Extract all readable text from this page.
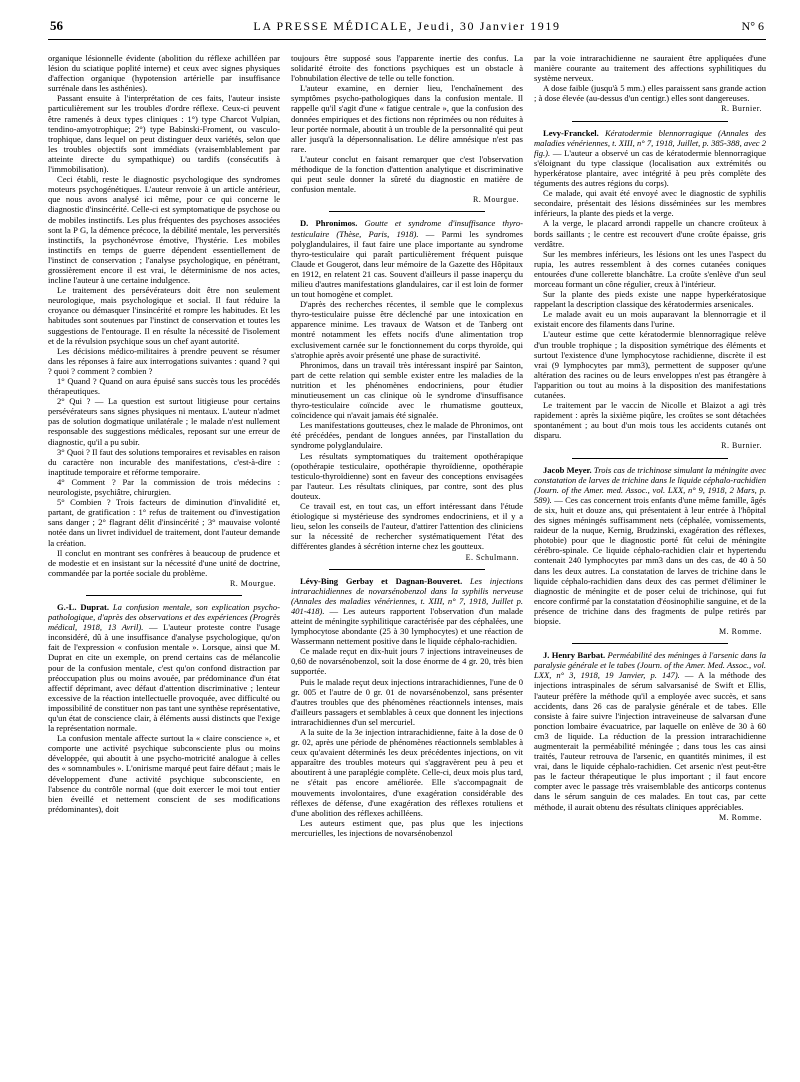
56	LA PRESSE MÉDICALE, Jeudi, 30 Janvier 1919	N° 6

organique lésionnelle évidente (abolition du réflexe achilléen par lésion du sciatique poplité interne) et ceux avec signes physiques d'affection organique (hypotension artérielle par insuffisance surrénale dans les asthénies).

Passant ensuite à l'interprétation de ces faits, l'auteur insiste particulièrement sur les troubles d'ordre réflexe. Ceux-ci peuvent être ramenés à deux types cliniques : 1°) type Charcot Vulpian, tendino-amyotrophique; 2°) type Babinski-Froment, ou vasculo-trophique, dans lequel on peut distinguer deux variétés, selon que les troubles objectifs sont immédiats (vraisemblablement par atteinte directe du sympathique) ou tardifs (consécutifs à l'immobilisation).

Ceci établi, reste le diagnostic psychologique des syndromes moteurs psychogénétiques. L'auteur renvoie à un article antérieur, que nous avons analysé ici même, pour ce qui concerne le diagnostic d'insincérité. Celle-ci est symptomatique de psychose ou de mobiles instinctifs. Les plus fréquentes des psychoses associées sont la P G, la démence précoce, la débilité mentale, les perversités instinctifs, la psychonévrose émotive, l'hystérie. Les mobiles instinctifs en temps de guerre dépendent essentiellement de l'instinct de conservation ; l'analyse psychologique, en pénétrant, grossièrement encore il est vrai, le déterminisme de nos actes, incline l'auteur à une certaine indulgence.

Le traitement des persévérateurs doit être non seulement neurologique, mais psychologique et social. Il faut réduire la croyance ou démasquer l'insincérité et rompre les habitudes. Et les habitudes sont soutenues par l'instinct de conservation et toutes les suggestions de l'entourage. Il en résulte la nécessité de l'isolement et de la révulsion psychique sous un chef ayant autorité.

Les décisions médico-militaires à prendre peuvent se résumer dans les réponses à faire aux interrogations suivantes : quand ? qui ? quoi ? comment ? combien ?

1° Quand ? Quand on aura épuisé sans succès tous les procédés thérapeutiques.

2° Qui ? — La question est surtout litigieuse pour certains persévérateurs sans signes physiques ni mentaux. L'auteur n'admet pas de solution dogmatique unilatérale ; le malade n'est nullement responsable des suggestions médicales, reposant sur une erreur de diagnostic, qu'il a pu subir.

3° Quoi ? Il faut des solutions temporaires et revisables en raison du caractère non incurable des manifestations, c'est-à-dire : inaptitude temporaire et réforme temporaire.

4° Comment ? Par la commission de trois médecins : neurologiste, psychiâtre, chirurgien.

5° Combien ? Trois facteurs de diminution d'invalidité et, partant, de gratification : 1° refus de traitement ou d'investigation sans danger ; 2° flagrant délit d'insincérité ; 3° mauvaise volonté notée dans un livret individuel de traitement, dont l'auteur demande la création.

Il conclut en montrant ses confrères à beaucoup de prudence et de modestie et en insistant sur la nécessité d'une unité de doctrine, commandée par la portée sociale du problème.

R. Mourgue.

G.-L. Duprat. La confusion mentale, son explication psycho-pathologique, d'après des observations et des expériences (Progrès médical, 1918, 13 Avril). — L'auteur proteste contre l'usage inconsidéré, dû à une insuffisance d'analyse psychologique, qu'on fait de l'expression « confusion mentale ». Lorsque, ainsi que M. Duprat en cite un exemple, on prend certains cas de mélancolie pour de la confusion mentale, c'est qu'on confond distraction par préoccupation plus ou moins avouée, par prédominance d'un état affectif déprimant, avec défaut d'attention discriminative ; lenteur excessive de la réaction intellectuelle provoquée, avec difficulté ou impossibilité de constituer non pas tant une synthèse représentative, qu'un état de conscience clair, à éléments aussi distincts que l'exige la représentation normale.

La confusion mentale affecte surtout la « claire conscience », et comporte une activité psychique subconsciente plus ou moins développée, qui aboutit à une psycho-motricité analogue à celles des « somnambules ». L'onirisme marqué peut faire défaut ; mais le développement d'une activité psychique subconsciente, en l'absence du contrôle normal (que doit exercer le moi tout entier bien éveillé et nettement conscient de ses modifications prédominantes), doit

toujours être supposé sous l'apparente inertie des confus. La solidarité étroite des fonctions psychiques est un obstacle à l'obnubilation élective de telle ou telle fonction.

L'auteur examine, en dernier lieu, l'enchaînement des symptômes psycho-pathologiques dans la confusion mentale. Il rappelle qu'il s'agit d'une « fatigue centrale », que la confusion des données empiriques et des fictions non réprimées ou non réduites à leur portée normale, aboutit à un trouble de la personnalité qui peut aller jusqu'à la dépersonnalisation. Le délire amnésique n'est pas rare.

L'auteur conclut en faisant remarquer que c'est l'observation méthodique de la fonction d'attention analytique et discriminative qui peut seule donner la sûreté du diagnostic en matière de confusion mentale.

R. Mourgue.

D. Phronimos. Goutte et syndrome d'insuffisance thyro-testiculaire (Thèse, Paris, 1918). — Parmi les syndromes polyglandulaires, il faut faire une place importante au syndrome thyro-testiculaire qui paraît particulièrement fréquent puisque Claude et Gougerot, dans leur mémoire de la Gazette des Hôpitaux en 1912, en relatent 21 cas. Souvent d'ailleurs il passe inaperçu du milieu d'autres manifestations glandulaires, car il est loin de former un tout homogène et complet.

D'après des recherches récentes, il semble que le complexus thyro-testiculaire puisse être déclenché par une intoxication en apparence minime. Les travaux de Watson et de Tanberg ont montré notamment les effets nocifs d'une alimentation trop exclusivement carnée sur le fonctionnement du corps thyroïde, qui s'atrophie après avoir présenté une phase de suractivité.

Phronimos, dans un travail très intéressant inspiré par Sainton, part de cette relation qui semble exister entre les maladies de la nutrition et les phénomènes endocriniens, pour étudier minutieusement un cas clinique où le syndrome d'insuffisance thyro-testiculaire coïncide avec le rhumatisme goutteux, coïncidence qui n'avait jamais été signalée.

Les manifestations goutteuses, chez le malade de Phronimos, ont été précédées, pendant de longues années, par l'installation du syndrome polyglandulaire.

Les résultats symptomatiques du traitement opothérapique (opothérapie testiculaire, opothérapie thyroïdienne, opothérapie testiculo-thyroïdienne) sont en faveur des conceptions envisagées par l'auteur. Les résultats cliniques, par contre, sont des plus douteux.

Ce travail est, en tout cas, un effort intéressant dans l'étude étiologique si mystérieuse des syndromes endocriniens, et il y a lieu, selon les conseils de l'auteur, d'attirer l'attention des cliniciens sur la nécessité de rechercher systématiquement l'état des différentes glandes à sécrétion interne chez les goutteux.

E. Schulmann.

Lévy-Bing Gerbay et Dagnan-Bouveret. Les injections intrarachidiennes de novarsénobenzol dans la syphilis nerveuse (Annales des maladies vénériennes, t. XIII, n° 7, 1918, Juillet p. 401-418). — Les auteurs rapportent l'observation d'un malade atteint de méningite syphilitique caractérisée par des céphalées, une lymphocytose abondante (25 à 30 lymphocytes) et une réaction de Wassermann nettement positive dans le liquide céphalo-rachidien.

Ce malade reçut en dix-huit jours 7 injections intraveineuses de 0,60 de novarsénobenzol, soit la dose énorme de 4 gr. 20, très bien supportée.

Puis le malade reçut deux injections intrarachidiennes, l'une de 0 gr. 005 et l'autre de 0 gr. 01 de novarsénobenzol, sans présenter d'autres troubles que des phénomènes réactionnels intenses, mais d'ailleurs passagers et semblables à ceux que donnent les injections intrarachidiennes d'un sel mercuriel.

A la suite de la 3e injection intrarachidienne, faite à la dose de 0 gr. 02, après une période de phénomènes réactionnels semblables à ceux qu'avaient déterminés les deux précédentes injections, on vit apparaître des troubles moteurs qui s'aggravèrent peu à peu et aboutirent à une paraplégie complète. Celle-ci, deux mois plus tard, ne s'était pas encore améliorée. Elle s'accompagnait de mouvements involontaires, d'une exagération considérable des réflexes de défense, d'une exagération des réflexes rotuliens et d'une abolition des réflexes achilléens.

Les auteurs estiment que, pas plus que les injections mercurielles, les injections de novarsénobenzol

par la voie intrarachidienne ne sauraient être appliquées d'une manière courante au traitement des affections syphilitiques du système nerveux.

A dose faible (jusqu'à 5 mm.) elles paraissent sans grande action ; à dose élevée (au-dessus d'un centigr.) elles sont dangereuses.

R. Burnier.

Levy-Franckel. Kératodermie blennorragique (Annales des maladies vénériennes, t. XIII, n° 7, 1918, Juillet, p. 385-388, avec 2 fig.). — L'auteur a observé un cas de kératodermie blennorragique s'éloignant du type classique (localisation aux extrémités ou hyperkératose plantaire, avec intégrité à peu près complète des téguments des autres régions du corps).

Ce malade, qui avait été envoyé avec le diagnostic de syphilis secondaire, présentait des lésions disséminées sur les membres inférieurs, la plante des pieds et la verge.

A la verge, le placard arrondi rappelle un chancre croûteux à bords saillants ; le centre est recouvert d'une croûte épaisse, gris verdâtre.

Sur les membres inférieurs, les lésions ont les unes l'aspect du rupia, les autres ressemblent à des cornes cutanées coniques entourées d'une collerette blanchâtre. La croûte s'enlève d'un seul morceau formant un cône régulier, creux à l'intérieur.

Sur la plante des pieds existe une nappe hyperkératosique rappelant la description classique des kératodermies arsenicales.

Le malade avait eu un mois auparavant la blennorragie et il existait encore des filaments dans l'urine.

L'auteur estime que cette kératodermie blennorragique relève d'un trouble trophique ; la disposition symétrique des éléments et surtout l'existence d'une lymphocytose rachidienne, discrète il est vrai (9 lymphocytes par mm3), permettent de supposer qu'une altération des racines ou de leurs enveloppes n'est pas étrangère à l'apparition ou tout au moins à la disposition des manifestations cutanées.

Le traitement par le vaccin de Nicolle et Blaizot a agi très rapidement : après la sixième piqûre, les croûtes se sont détachées spontanément ; au bout d'un mois tous les accidents cutanés ont disparu.

R. Burnier.

Jacob Meyer. Trois cas de trichinose simulant la méningite avec constatation de larves de trichine dans le liquide céphalo-rachidien (Journ. of the Amer. med. Assoc., vol. LXX, n° 9, 1918, 2 Mars, p. 589). — Ces cas concernent trois enfants d'une même famille, âgés de six, huit et douze ans, qui présentaient à leur entrée à l'hôpital des signes méningés suffisamment nets (céphalée, vomissements, raideur de la nuque, Kernig, Brudzinski, exagération des réflexes, photobie) pour que le diagnostic porté fût celui de méningite cérébro-spinale. Ce liquide céphalo-rachidien clair et hypertendu contenait 240 lymphocytes par mm3 dans un des cas, de 40 à 50 dans les deux autres. La constatation de larves de trichine dans le liquide céphalo-rachidien dans deux des cas permet d'éliminer le diagnostic de méningite et de poser celui de trichinose, qui fut encore confirmé par la constatation d'éosinophilie sanguine, et de la présence de trichine dans des fragments de pulpe retirés par biopsie.

M. Romme.

J. Henry Barbat. Perméabilité des méninges à l'arsenic dans la paralysie générale et le tabes (Journ. of the Amer. Med. Assoc., vol. LXX, n° 3, 1918, 19 Janvier, p. 147). — A la méthode des injections intraspinales de sérum salvarsanisé de Swift et Ellis, l'auteur préfère la méthode qu'il a employée avec succès, et sans accidents, dans 26 cas de paralysie générale et de tabes. Elle consiste à faire suivre l'injection intraveineuse de salvarsan d'une ponction lombaire évacuatrice, par laquelle on enlève de 30 à 60 cm3 de liquide. La réduction de la pression intrarachidienne augmenterait la perméabilité méningée ; dans tous les cas ainsi traités, l'auteur retrouva de l'arsenic, en quantités minimes, il est vrai, dans le liquide céphalo-rachidien. Cet arsenic n'est peut-être pas le facteur thérapeutique le plus important ; il faut encore compter avec le passage très vraisemblable des anticorps contenus dans le sérum sanguin de ces malades. En tout cas, par cette méthode, il aurait obtenu des résultats cliniques appréciables.

M. Romme.
